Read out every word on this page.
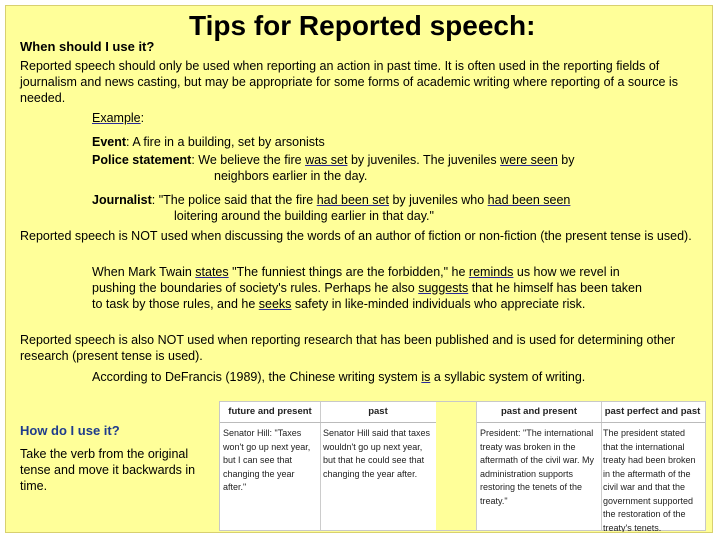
Tips for Reported speech:
When should I use it?

Reported speech should only be used when reporting an action in past time. It is often used in the reporting fields of journalism and news casting, but may be appropriate for some forms of academic writing where reporting of a source is needed.

Example:

Event: A fire in a building, set by arsonists

Police statement: We believe the fire was set by juveniles. The juveniles were seen by
neighbors earlier in the day.

Journalist: "The police said that the fire had been set by juveniles who had been seen
loitering around the building earlier in that day."

Reported speech is NOT used when discussing the words of an author of fiction or non-fiction (the present tense is used).

When Mark Twain states "The funniest things are the forbidden," he reminds us how we revel in pushing the boundaries of society's rules. Perhaps he also suggests that he himself has been taken to task by those rules, and he seeks safety in like-minded individuals who appreciate risk.

Reported speech is also NOT used when reporting research that has been published and is used for determining other research (present tense is used).

According to DeFrancis (1989), the Chinese writing system is a syllabic system of writing.

How do I use it?

Take the verb from the original tense and move it backwards in time.

future and present
Senator Hill: "Taxes won't go up next year, but I can see that changing the year after."
past
Senator Hill said that taxes wouldn't go up next year, but that he could see that changing the year after.
past and present
President: "The international treaty was broken in the aftermath of the civil war. My administration supports restoring the tenets of the treaty."
past perfect and past
The president stated that the international treaty had been broken in the aftermath of the civil war and that the government supported the restoration of the treaty's tenets.
